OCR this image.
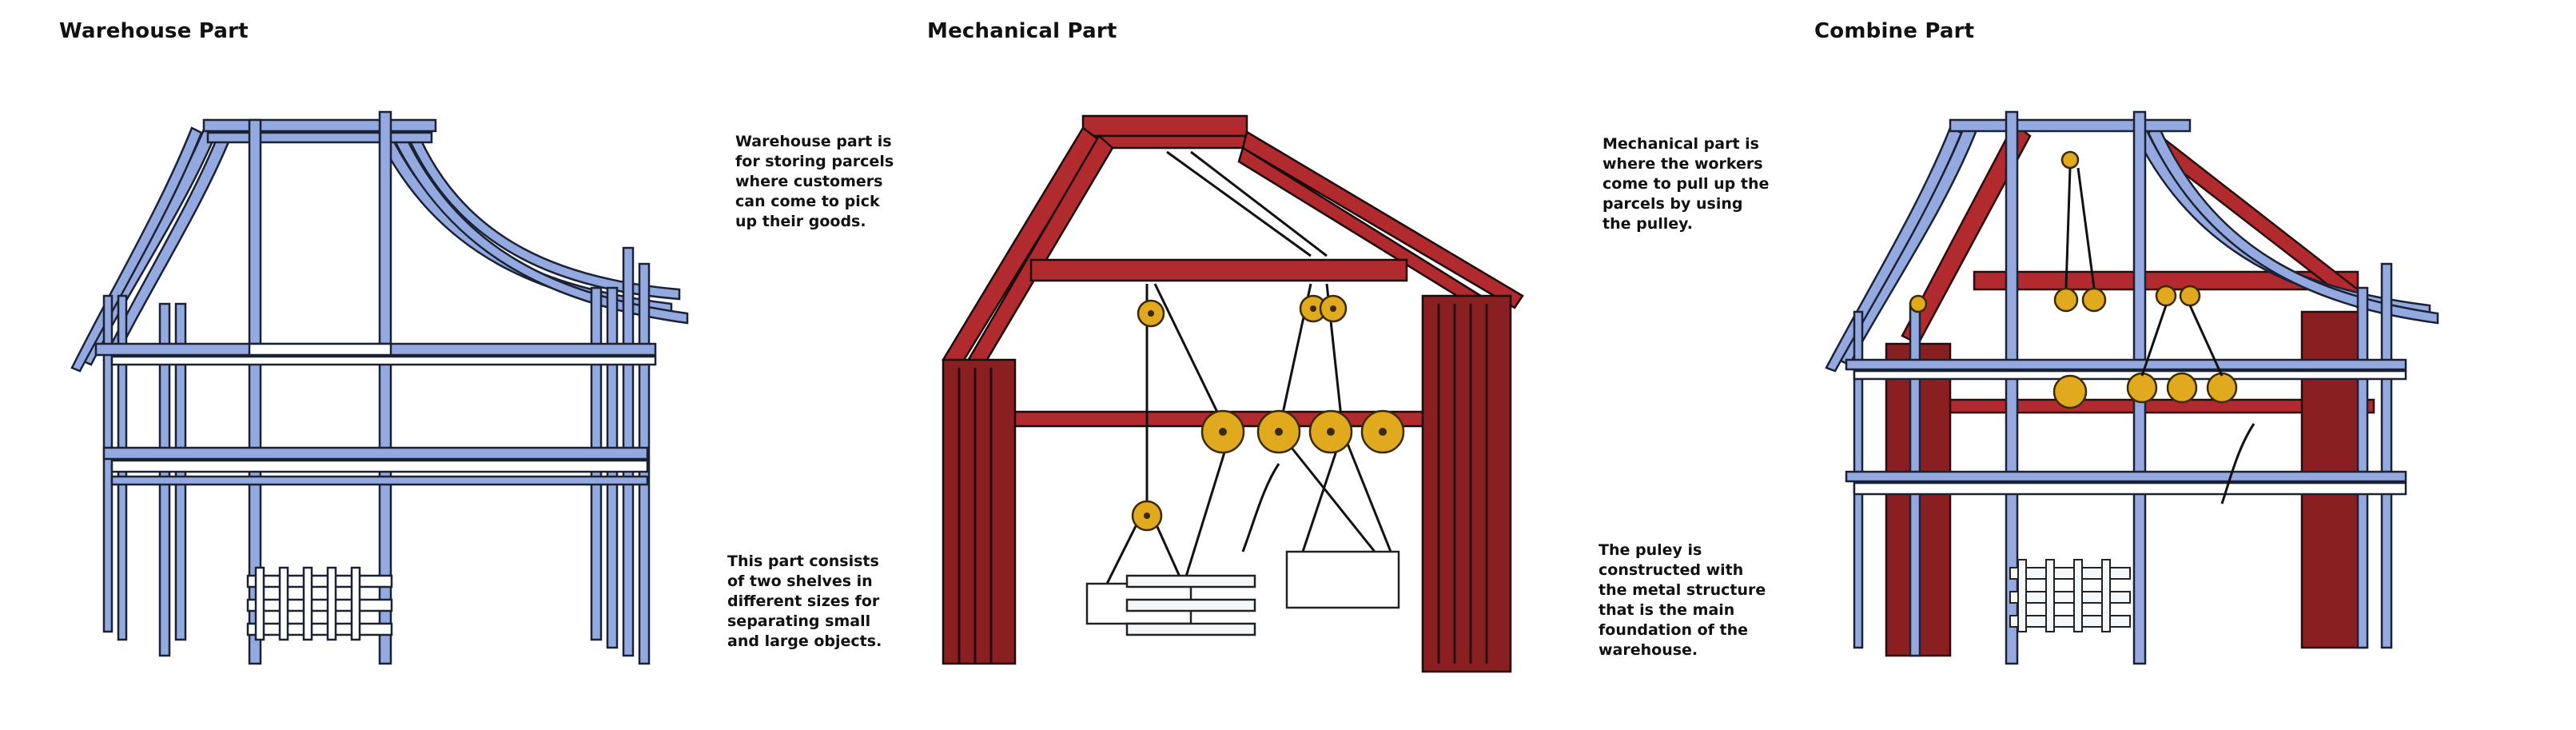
Warehouse Part	Mechanical Part	Combine Part
Warehouse part is for storing parcels where customers can come to pick up their goods.
This part consists of two shelves in different sizes for separating small and large objects.
Mechanical part is where the workers come to pull up the parcels by using the pulley.
The puley is constructed with the metal structure that is the main foundation of the warehouse.
